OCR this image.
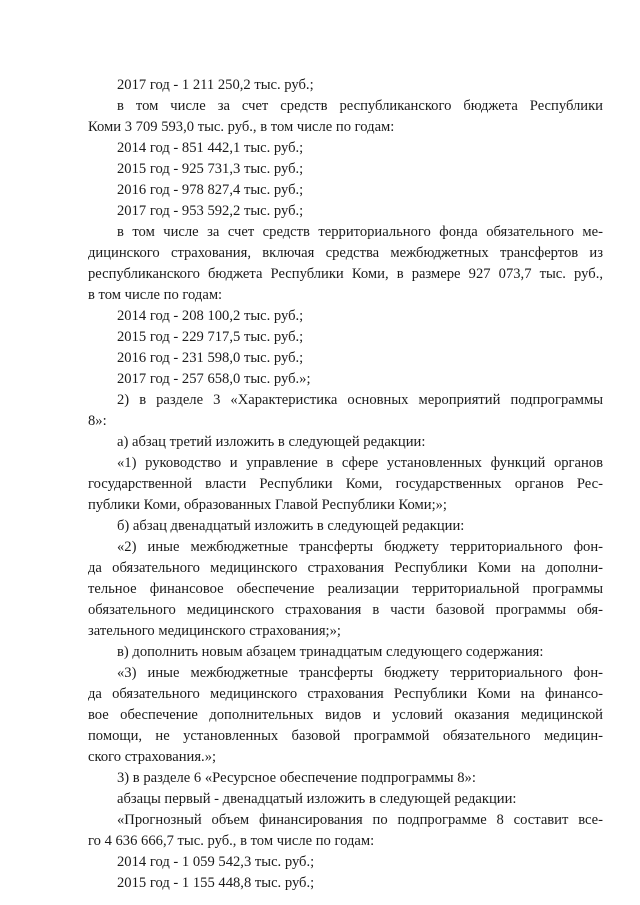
2017 год - 1 211 250,2 тыс. руб.;
в том числе за счет средств республиканского бюджета Республики
Коми 3 709 593,0 тыс. руб., в том числе по годам:
2014 год - 851 442,1 тыс. руб.;
2015 год - 925 731,3 тыс. руб.;
2016 год - 978 827,4 тыс. руб.;
2017 год - 953 592,2 тыс. руб.;
в том числе за счет средств территориального фонда обязательного ме-
дицинского страхования, включая средства межбюджетных трансфертов из
республиканского бюджета Республики Коми, в размере 927 073,7 тыс. руб.,
в том числе по годам:
2014 год - 208 100,2 тыс. руб.;
2015 год - 229 717,5 тыс. руб.;
2016 год - 231 598,0 тыс. руб.;
2017 год - 257 658,0 тыс. руб.»;
2) в разделе 3 «Характеристика основных мероприятий подпрограммы
8»:
а) абзац третий изложить в следующей редакции:
«1) руководство и управление в сфере установленных функций органов
государственной власти Республики Коми, государственных органов Рес-
публики Коми, образованных Главой Республики Коми;»;
б) абзац двенадцатый изложить в следующей редакции:
«2) иные межбюджетные трансферты бюджету территориального фон-
да обязательного медицинского страхования Республики Коми на дополни-
тельное финансовое обеспечение реализации территориальной программы
обязательного медицинского страхования в части базовой программы обя-
зательного медицинского страхования;»;
в) дополнить новым абзацем тринадцатым следующего содержания:
«3) иные межбюджетные трансферты бюджету территориального фон-
да обязательного медицинского страхования Республики Коми на финансо-
вое обеспечение дополнительных видов и условий оказания медицинской
помощи, не установленных базовой программой обязательного медицин-
ского страхования.»;
3) в разделе 6 «Ресурсное обеспечение подпрограммы 8»:
абзацы первый - двенадцатый изложить в следующей редакции:
«Прогнозный объем финансирования по подпрограмме 8 составит все-
го 4 636 666,7 тыс. руб., в том числе по годам:
2014 год - 1 059 542,3 тыс. руб.;
2015 год - 1 155 448,8 тыс. руб.;
